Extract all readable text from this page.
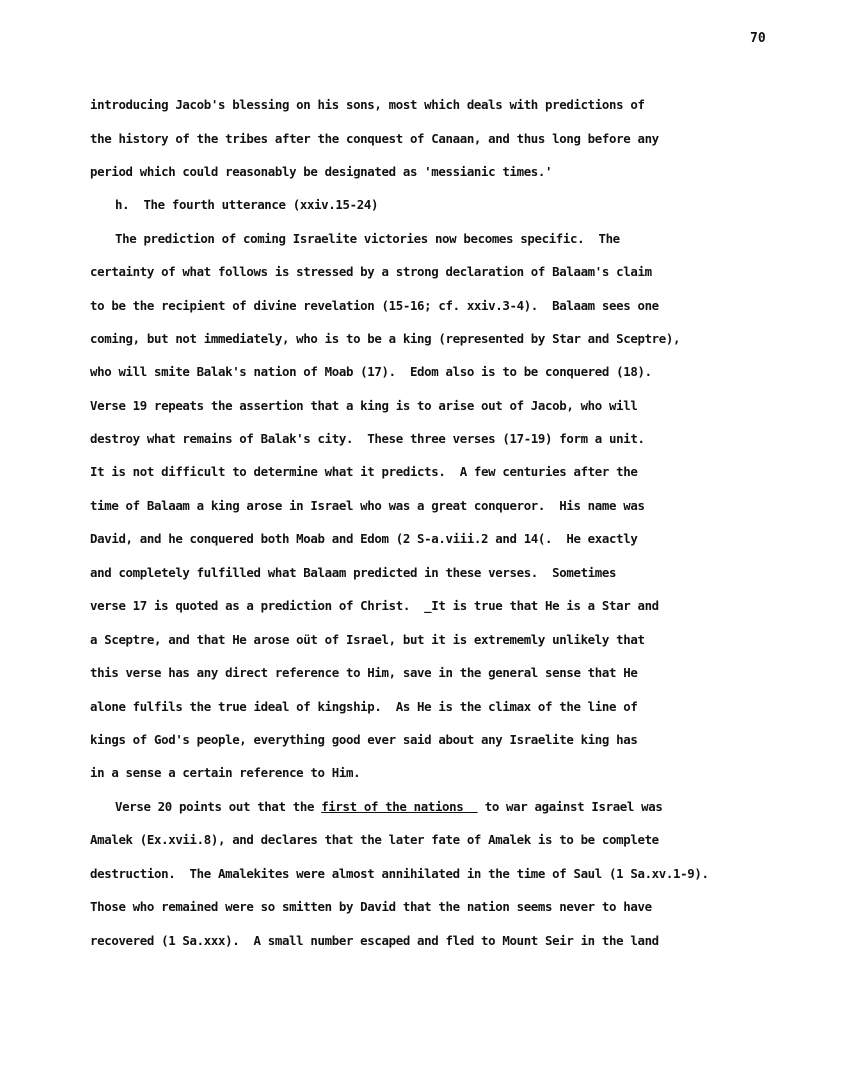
70
introducing Jacob's blessing on his sons, most which deals with predictions of
the history of the tribes after the conquest of Canaan, and thus long before any
period which could reasonably be designated as 'messianic times.'
h.  The fourth utterance (xxiv.15-24)
The prediction of coming Israelite victories now becomes specific.  The
certainty of what follows is stressed by a strong declaration of Balaam's claim
to be the recipient of divine revelation (15-16; cf. xxiv.3-4).  Balaam sees one
coming, but not immediately, who is to be a king (represented by Star and Sceptre),
who will smite Balak's nation of Moab (17).  Edom also is to be conquered (18).
Verse 19 repeats the assertion that a king is to arise out of Jacob, who will
destroy what remains of Balak's city.  These three verses (17-19) form a unit.
It is not difficult to determine what it predicts.  A few centuries after the
time of Balaam a king arose in Israel who was a great conqueror.  His name was
David, and he conquered both Moab and Edom (2 S-a.viii.2 and 14(.  He exactly
and completely fulfilled what Balaam predicted in these verses.  Sometimes
verse 17 is quoted as a prediction of Christ.  _It is true that He is a Star and
a Sceptre, and that He arose oüt of Israel, but it is extrememly unlikely that
this verse has any direct reference to Him, save in the general sense that He
alone fulfils the true ideal of kingship.  As He is the climax of the line of
kings of God's people, everything good ever said about any Israelite king has
in a sense a certain reference to Him.
Verse 20 points out that the first of the nations   to war against Israel was
Amalek (Ex.xvii.8), and declares that the later fate of Amalek is to be complete
destruction.  The Amalekites were almost annihilated in the time of Saul (1 Sa.xv.1-9).
Those who remained were so smitten by David that the nation seems never to have
recovered (1 Sa.xxx).  A small number escaped and fled to Mount Seir in the land
